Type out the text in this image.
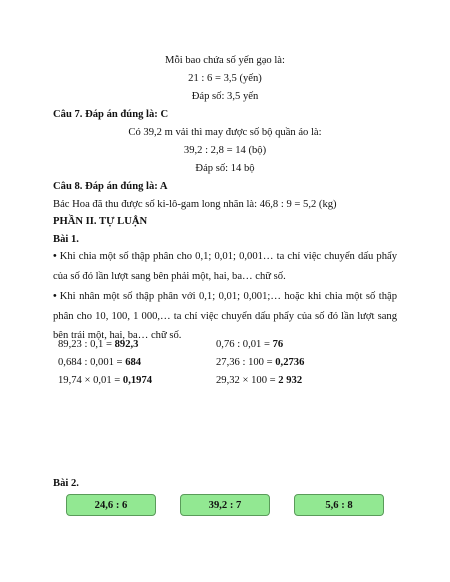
Mỗi bao chứa số yến gạo là:
21 : 6 = 3,5 (yến)
Đáp số: 3,5 yến
Câu 7. Đáp án đúng là: C
Có 39,2 m vải thì may được số bộ quần áo là:
39,2 : 2,8 = 14 (bộ)
Đáp số: 14 bộ
Câu 8. Đáp án đúng là: A
Bác Hoa đã thu được số ki-lô-gam long nhãn là: 46,8 : 9 = 5,2 (kg)
PHẦN II. TỰ LUẬN
Bài 1.
• Khi chia một số thập phân cho 0,1; 0,01; 0,001… ta chỉ việc chuyển dấu phẩy của số đó lần lượt sang bên phải một, hai, ba… chữ số.
• Khi nhân một số thập phân với 0,1; 0,01; 0,001;… hoặc khi chia một số thập phân cho 10, 100, 1 000,… ta chỉ việc chuyển dấu phẩy của số đó lần lượt sang bên trái một, hai, ba… chữ số.
89,23 : 0,1 = 892,3	0,76 : 0,01 = 76
0,684 : 0,001 = 684	27,36 : 100 = 0,2736
19,74 × 0,01 = 0,1974	29,32 × 100 = 2 932
Bài 2.
24,6 : 6	39,2 : 7	5,6 : 8
